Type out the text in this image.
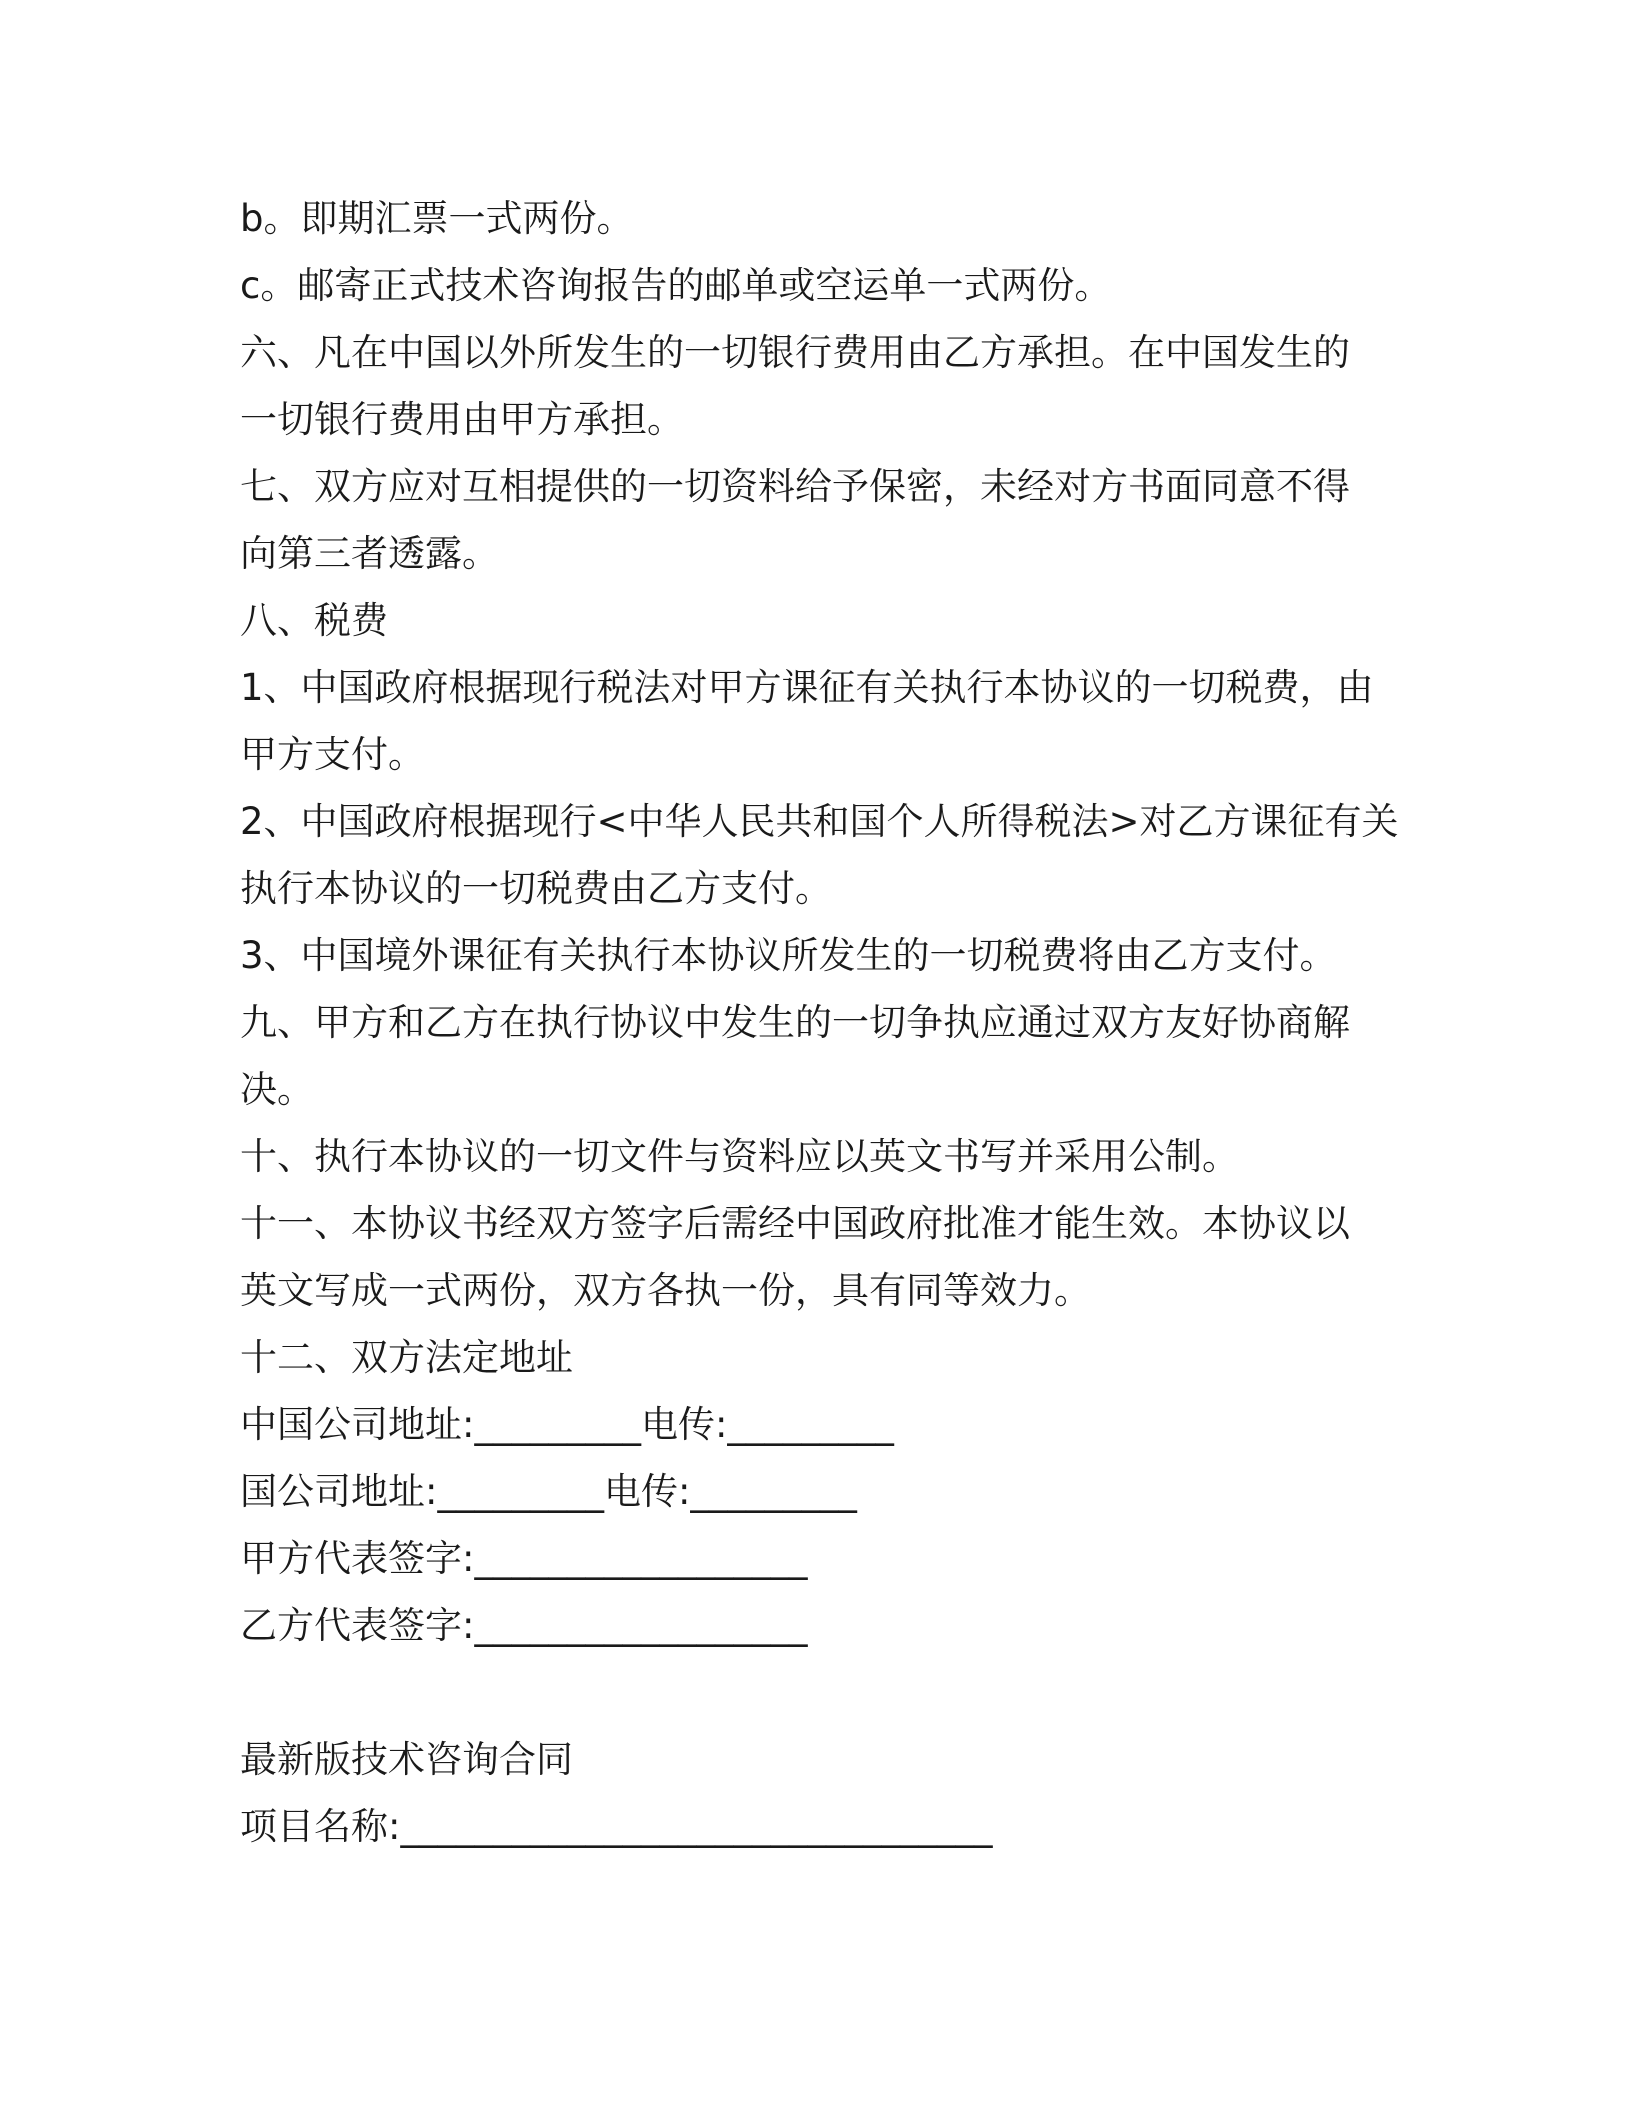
b。即期汇票一式两份。
c。邮寄正式技术咨询报告的邮单或空运单一式两份。
六、凡在中国以外所发生的一切银行费用由乙方承担。在中国发生的
一切银行费用由甲方承担。
七、双方应对互相提供的一切资料给予保密，未经对方书面同意不得
向第三者透露。
八、税费
1、中国政府根据现行税法对甲方课征有关执行本协议的一切税费，由
甲方支付。
2、中国政府根据现行<中华人民共和国个人所得税法>对乙方课征有关
执行本协议的一切税费由乙方支付。
3、中国境外课征有关执行本协议所发生的一切税费将由乙方支付。
九、甲方和乙方在执行协议中发生的一切争执应通过双方友好协商解
决。
十、执行本协议的一切文件与资料应以英文书写并采用公制。
十一、本协议书经双方签字后需经中国政府批准才能生效。本协议以
英文写成一式两份，双方各执一份，具有同等效力。
十二、双方法定地址
中国公司地址:_________电传:_________
国公司地址:_________电传:_________
甲方代表签字:__________________
乙方代表签字:__________________
最新版技术咨询合同
项目名称:________________________________
